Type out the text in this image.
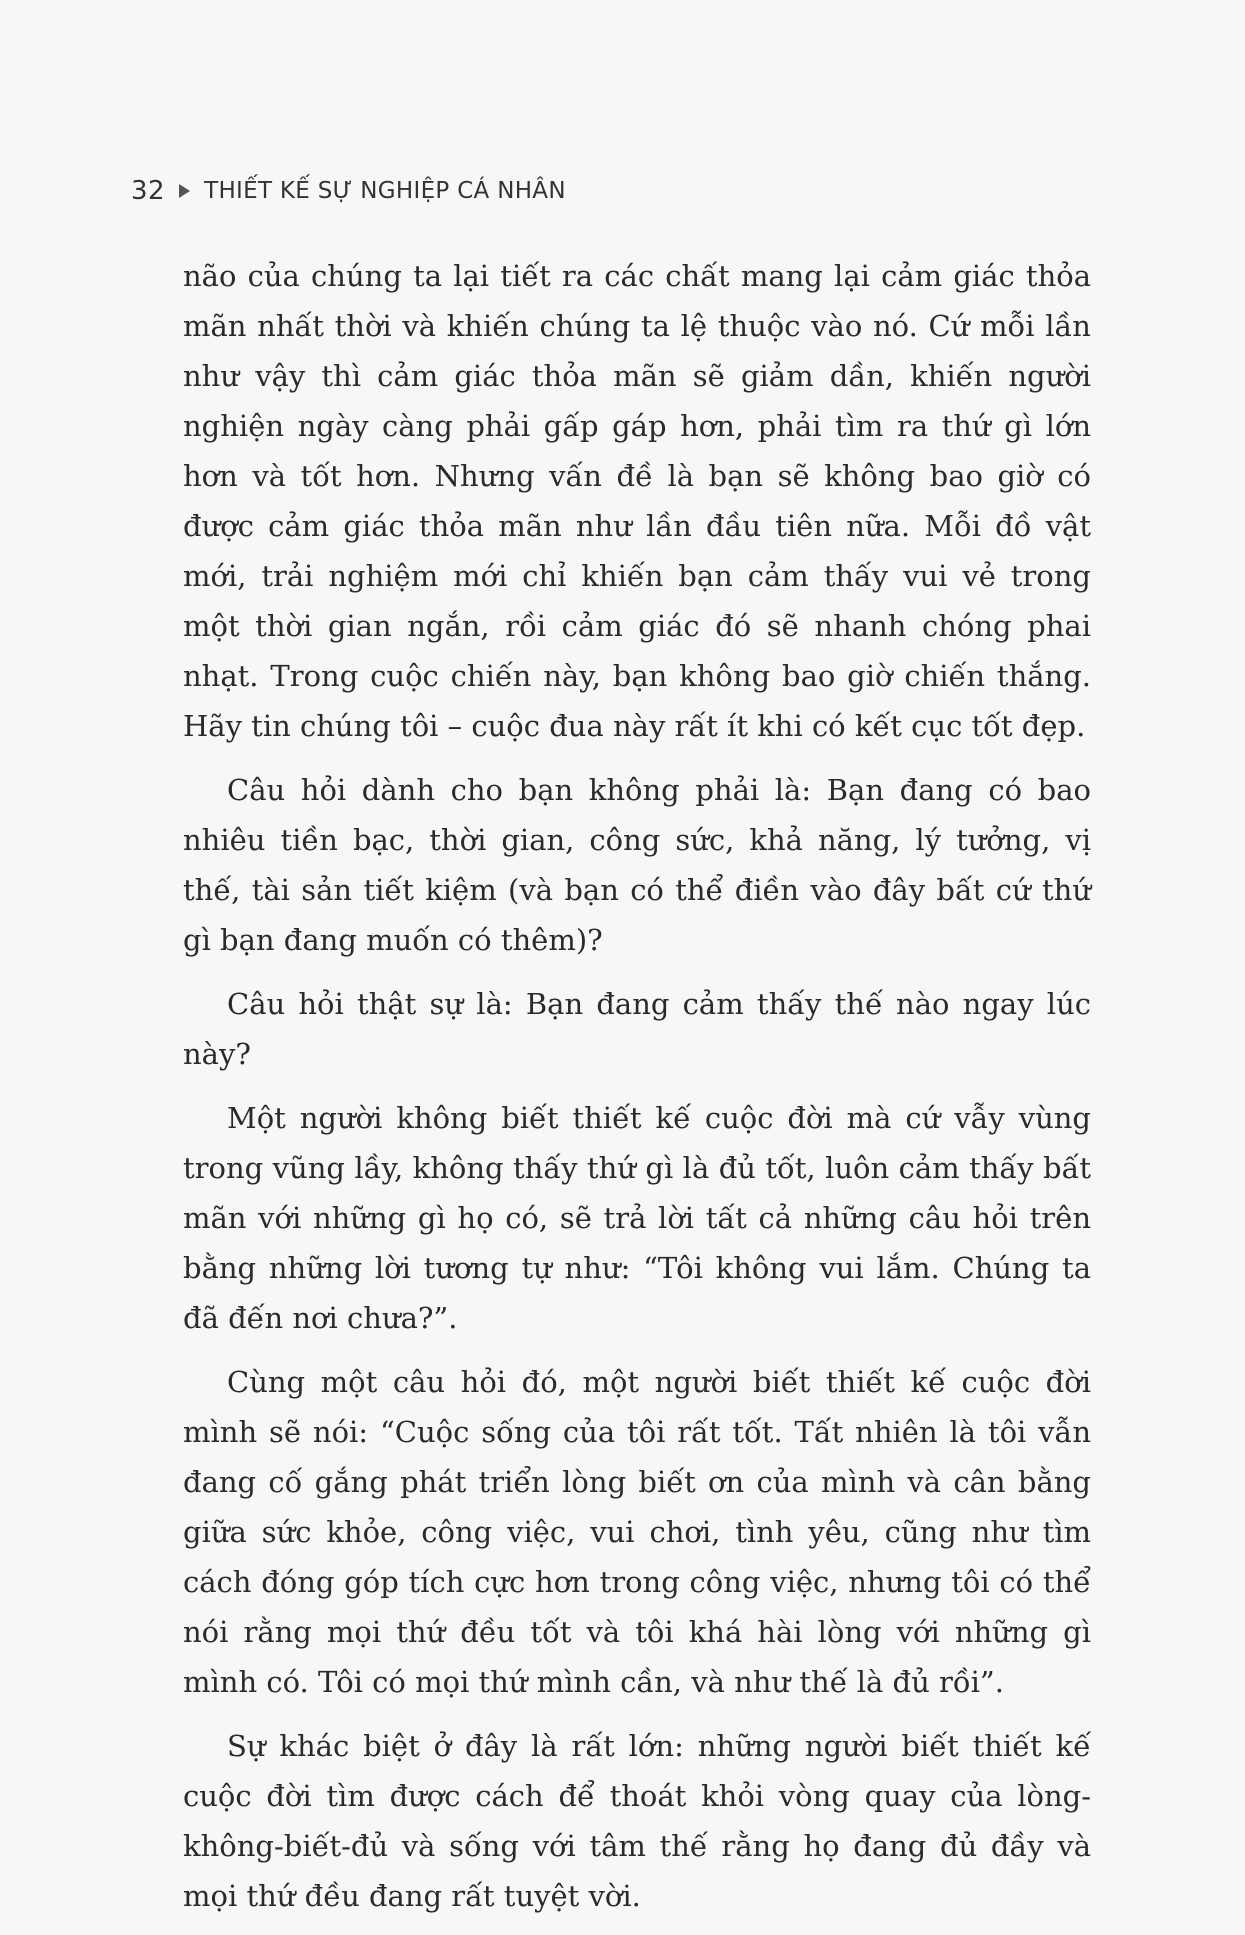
32 THIẾT KẾ SỰ NGHIỆP CÁ NHÂN

não của chúng ta lại tiết ra các chất mang lại cảm giác thỏa mãn nhất thời và khiến chúng ta lệ thuộc vào nó. Cứ mỗi lần như vậy thì cảm giác thỏa mãn sẽ giảm dần, khiến người nghiện ngày càng phải gấp gáp hơn, phải tìm ra thứ gì lớn hơn và tốt hơn. Nhưng vấn đề là bạn sẽ không bao giờ có được cảm giác thỏa mãn như lần đầu tiên nữa. Mỗi đồ vật mới, trải nghiệm mới chỉ khiến bạn cảm thấy vui vẻ trong một thời gian ngắn, rồi cảm giác đó sẽ nhanh chóng phai nhạt. Trong cuộc chiến này, bạn không bao giờ chiến thắng. Hãy tin chúng tôi – cuộc đua này rất ít khi có kết cục tốt đẹp.

Câu hỏi dành cho bạn không phải là: Bạn đang có bao nhiêu tiền bạc, thời gian, công sức, khả năng, lý tưởng, vị thế, tài sản tiết kiệm (và bạn có thể điền vào đây bất cứ thứ gì bạn đang muốn có thêm)?

Câu hỏi thật sự là: Bạn đang cảm thấy thế nào ngay lúc này?

Một người không biết thiết kế cuộc đời mà cứ vẫy vùng trong vũng lầy, không thấy thứ gì là đủ tốt, luôn cảm thấy bất mãn với những gì họ có, sẽ trả lời tất cả những câu hỏi trên bằng những lời tương tự như: “Tôi không vui lắm. Chúng ta đã đến nơi chưa?”.

Cùng một câu hỏi đó, một người biết thiết kế cuộc đời mình sẽ nói: “Cuộc sống của tôi rất tốt. Tất nhiên là tôi vẫn đang cố gắng phát triển lòng biết ơn của mình và cân bằng giữa sức khỏe, công việc, vui chơi, tình yêu, cũng như tìm cách đóng góp tích cực hơn trong công việc, nhưng tôi có thể nói rằng mọi thứ đều tốt và tôi khá hài lòng với những gì mình có. Tôi có mọi thứ mình cần, và như thế là đủ rồi”.

Sự khác biệt ở đây là rất lớn: những người biết thiết kế cuộc đời tìm được cách để thoát khỏi vòng quay của lòng-không-biết-đủ và sống với tâm thế rằng họ đang đủ đầy và mọi thứ đều đang rất tuyệt vời.
